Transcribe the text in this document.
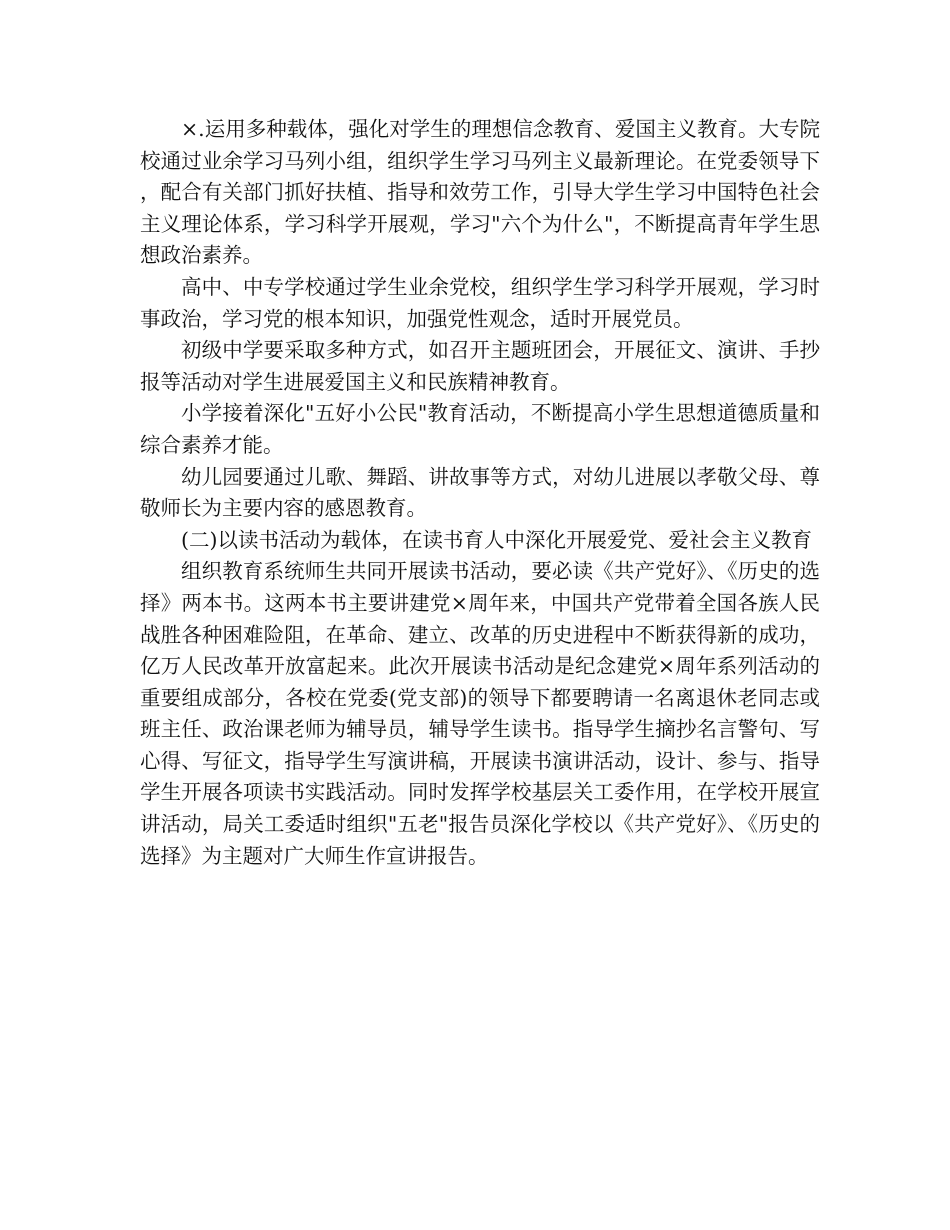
×.运用多种载体，强化对学生的理想信念教育、爱国主义教育。大专院校通过业余学习马列小组，组织学生学习马列主义最新理论。在党委领导下，配合有关部门抓好扶植、指导和效劳工作，引导大学生学习中国特色社会主义理论体系，学习科学开展观，学习"六个为什么"，不断提高青年学生思想政治素养。

高中、中专学校通过学生业余党校，组织学生学习科学开展观，学习时事政治，学习党的根本知识，加强党性观念，适时开展党员。

初级中学要采取多种方式，如召开主题班团会，开展征文、演讲、手抄报等活动对学生进展爱国主义和民族精神教育。

小学接着深化"五好小公民"教育活动，不断提高小学生思想道德质量和综合素养才能。

幼儿园要通过儿歌、舞蹈、讲故事等方式，对幼儿进展以孝敬父母、尊敬师长为主要内容的感恩教育。

(二)以读书活动为载体，在读书育人中深化开展爱党、爱社会主义教育

组织教育系统师生共同开展读书活动，要必读《共产党好》、《历史的选择》两本书。这两本书主要讲建党×周年来，中国共产党带着全国各族人民战胜各种困难险阻，在革命、建立、改革的历史进程中不断获得新的成功，亿万人民改革开放富起来。此次开展读书活动是纪念建党×周年系列活动的重要组成部分，各校在党委(党支部)的领导下都要聘请一名离退休老同志或班主任、政治课老师为辅导员，辅导学生读书。指导学生摘抄名言警句、写心得、写征文，指导学生写演讲稿，开展读书演讲活动，设计、参与、指导学生开展各项读书实践活动。同时发挥学校基层关工委作用，在学校开展宣讲活动，局关工委适时组织"五老"报告员深化学校以《共产党好》、《历史的选择》为主题对广大师生作宣讲报告。
